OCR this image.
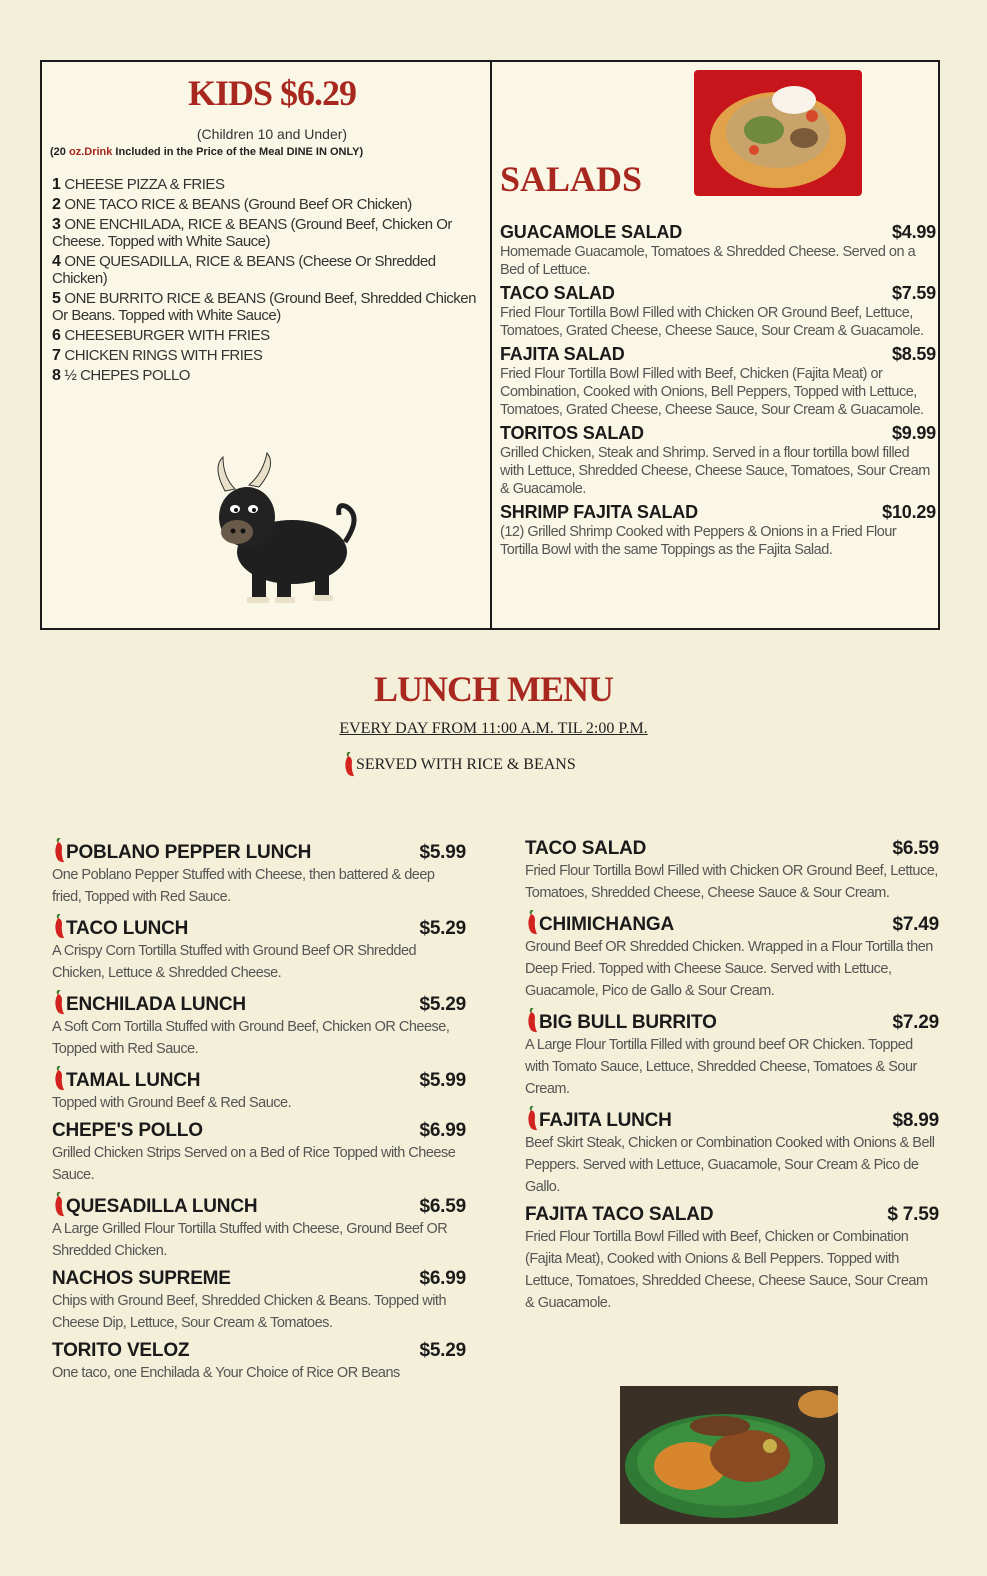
KIDS $6.29
(Children 10 and Under)
(20 oz.Drink Included in the Price of the Meal DINE IN ONLY)
1 CHEESE PIZZA & FRIES
2 ONE TACO RICE & BEANS (Ground Beef OR Chicken)
3 ONE ENCHILADA, RICE & BEANS (Ground Beef, Chicken Or Cheese. Topped with White Sauce)
4 ONE QUESADILLA, RICE & BEANS (Cheese Or Shredded Chicken)
5 ONE BURRITO RICE & BEANS (Ground Beef, Shredded Chicken Or Beans. Topped with White Sauce)
6 CHEESEBURGER WITH FRIES
7 CHICKEN RINGS WITH FRIES
8 ½ CHEPES POLLO
SALADS
GUACAMOLE SALAD	$4.99
Homemade Guacamole, Tomatoes & Shredded Cheese. Served on a Bed of Lettuce.
TACO SALAD	$7.59
Fried Flour Tortilla Bowl Filled with Chicken OR Ground Beef, Lettuce, Tomatoes, Grated Cheese, Cheese Sauce, Sour Cream & Guacamole.
FAJITA SALAD	$8.59
Fried Flour Tortilla Bowl Filled with Beef, Chicken (Fajita Meat) or Combination, Cooked with Onions, Bell Peppers, Topped with Lettuce, Tomatoes, Grated Cheese, Cheese Sauce, Sour Cream & Guacamole.
TORITOS SALAD	$9.99
Grilled Chicken, Steak and Shrimp. Served in a flour tortilla bowl filled with Lettuce, Shredded Cheese, Cheese Sauce, Tomatoes, Sour Cream & Guacamole.
SHRIMP FAJITA SALAD	$10.29
(12) Grilled Shrimp Cooked with Peppers & Onions in a Fried Flour Tortilla Bowl with the same Toppings as the Fajita Salad.
LUNCH MENU
EVERY DAY FROM 11:00 A.M. TIL 2:00 P.M.
SERVED WITH RICE & BEANS
POBLANO PEPPER LUNCH	$5.99
One Poblano Pepper Stuffed with Cheese, then battered & deep fried, Topped with Red Sauce.
TACO LUNCH	$5.29
A Crispy Corn Tortilla Stuffed with Ground Beef OR Shredded Chicken, Lettuce & Shredded Cheese.
ENCHILADA LUNCH	$5.29
A Soft Corn Tortilla Stuffed with Ground Beef, Chicken OR Cheese, Topped with Red Sauce.
TAMAL LUNCH	$5.99
Topped with Ground Beef & Red Sauce.
CHEPE'S POLLO	$6.99
Grilled Chicken Strips Served on a Bed of Rice Topped with Cheese Sauce.
QUESADILLA LUNCH	$6.59
A Large Grilled Flour Tortilla Stuffed with Cheese, Ground Beef OR Shredded Chicken.
NACHOS SUPREME	$6.99
Chips with Ground Beef, Shredded Chicken & Beans. Topped with Cheese Dip, Lettuce, Sour Cream & Tomatoes.
TORITO VELOZ	$5.29
One taco, one Enchilada & Your Choice of Rice OR Beans
TACO SALAD	$6.59
Fried Flour Tortilla Bowl Filled with Chicken OR Ground Beef, Lettuce, Tomatoes, Shredded Cheese, Cheese Sauce & Sour Cream.
CHIMICHANGA	$7.49
Ground Beef OR Shredded Chicken. Wrapped in a Flour Tortilla then Deep Fried. Topped with Cheese Sauce. Served with Lettuce, Guacamole, Pico de Gallo & Sour Cream.
BIG BULL BURRITO	$7.29
A Large Flour Tortilla Filled with ground beef OR Chicken. Topped with Tomato Sauce, Lettuce, Shredded Cheese, Tomatoes & Sour Cream.
FAJITA LUNCH	$8.99
Beef Skirt Steak, Chicken or Combination Cooked with Onions & Bell Peppers. Served with Lettuce, Guacamole, Sour Cream & Pico de Gallo.
FAJITA TACO SALAD	$ 7.59
Fried Flour Tortilla Bowl Filled with Beef, Chicken or Combination (Fajita Meat), Cooked with Onions & Bell Peppers. Topped with Lettuce, Tomatoes, Shredded Cheese, Cheese Sauce, Sour Cream & Guacamole.
